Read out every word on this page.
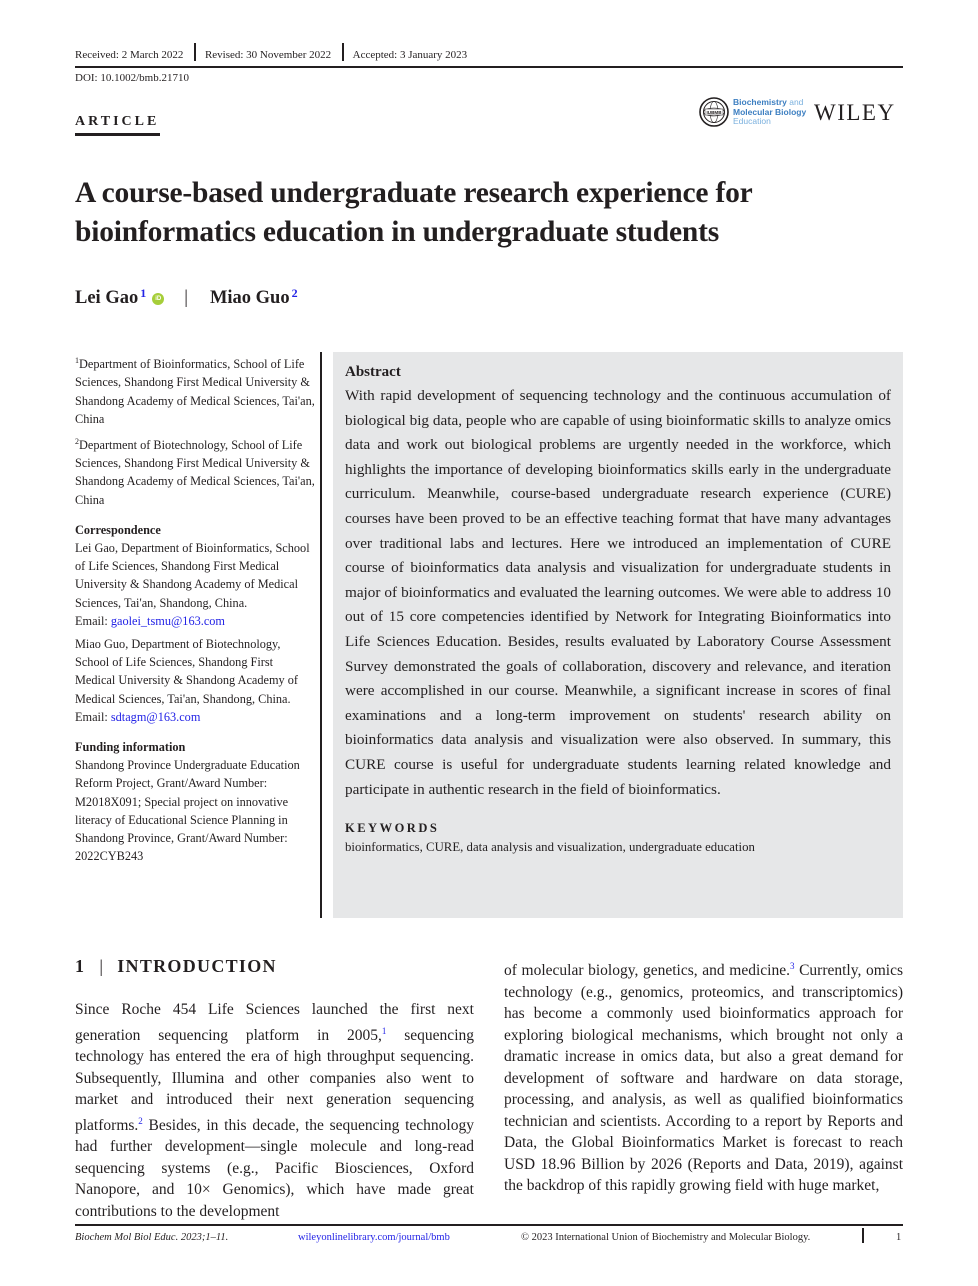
Received: 2 March 2022 Revised: 30 November 2022 Accepted: 3 January 2023
DOI: 10.1002/bmb.21710
ARTICLE
IUBMB
Biochemistry and
Molecular Biology
Education	WILEY
A course-based undergraduate research experience for
bioinformatics education in undergraduate students
Lei Gao$^1$	iD | Miao Guo$^2$

$^1$Department of Bioinformatics, School of Life Sciences, Shandong First Medical University & Shandong Academy of Medical Sciences, Tai'an, China

$^2$Department of Biotechnology, School of Life Sciences, Shandong First Medical University & Shandong Academy of Medical Sciences, Tai'an, China

Correspondence

Lei Gao, Department of Bioinformatics, School of Life Sciences, Shandong First Medical University & Shandong Academy of Medical Sciences, Tai'an, Shandong, China.
Email: gaolei_tsmu@163.com

Miao Guo, Department of Biotechnology, School of Life Sciences, Shandong First Medical University & Shandong Academy of Medical Sciences, Tai'an, Shandong, China.
Email: sdtagm@163.com

Funding information

Shandong Province Undergraduate Education Reform Project, Grant/Award Number: M2018X091; Special project on innovative literacy of Educational Science Planning in Shandong Province, Grant/Award Number: 2022CYB243

Abstract
With rapid development of sequencing technology and the continuous accumulation of biological big data, people who are capable of using bioinformatic skills to analyze omics data and work out biological problems are urgently needed in the workforce, which highlights the importance of developing bioinformatics skills early in the undergraduate curriculum. Meanwhile, course-based undergraduate research experience (CURE) courses have been proved to be an effective teaching format that have many advantages over traditional labs and lectures. Here we introduced an implementation of CURE course of bioinformatics data analysis and visualization for undergraduate students in major of bioinformatics and evaluated the learning outcomes. We were able to address 10 out of 15 core competencies identified by Network for Integrating Bioinformatics into Life Sciences Education. Besides, results evaluated by Laboratory Course Assessment Survey demonstrated the goals of collaboration, discovery and relevance, and iteration were accomplished in our course. Meanwhile, a significant increase in scores of final examinations and a long-term improvement on students' research ability on bioinformatics data analysis and visualization were also observed. In summary, this CURE course is useful for undergraduate students learning related knowledge and participate in authentic research in the field of bioinformatics.
KEYWORDS
bioinformatics, CURE, data analysis and visualization, undergraduate education
1 | INTRODUCTION
Since Roche 454 Life Sciences launched the first next generation sequencing platform in 2005,$^1$ sequencing technology has entered the era of high throughput sequencing. Subsequently, Illumina and other companies also went to market and introduced their next generation sequencing platforms.$^2$ Besides, in this decade, the sequencing technology had further development—single molecule and long-read sequencing systems (e.g., Pacific Biosciences, Oxford Nanopore, and 10× Genomics), which have made great contributions to the development
of molecular biology, genetics, and medicine.$^3$ Currently, omics technology (e.g., genomics, proteomics, and transcriptomics) has become a commonly used bioinformatics approach for exploring biological mechanisms, which brought not only a dramatic increase in omics data, but also a great demand for development of software and hardware on data storage, processing, and analysis, as well as qualified bioinformatics technician and scientists. According to a report by Reports and Data, the Global Bioinformatics Market is forecast to reach USD 18.96 Billion by 2026 (Reports and Data, 2019), against the backdrop of this rapidly growing field with huge market,
Biochem Mol Biol Educ. 2023;1–11.	wileyonlinelibrary.com/journal/bmb	© 2023 International Union of Biochemistry and Molecular Biology.	1
